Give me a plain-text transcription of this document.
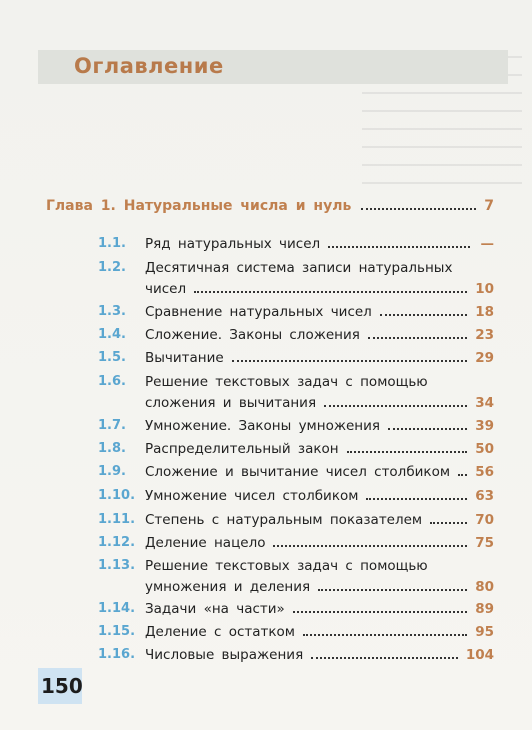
Оглавление
Глава 1. Натуральные числа и нуль	7
1.1. Ряд натуральных чисел	—
1.2. Десятичная система записи натуральных
чисел	10
1.3. Сравнение натуральных чисел	18
1.4. Сложение. Законы сложения	23
1.5. Вычитание	29
1.6. Решение текстовых задач с помощью
сложения и вычитания	34
1.7. Умножение. Законы умножения	39
1.8. Распределительный закон	50
1.9. Сложение и вычитание чисел столбиком 56
1.10. Умножение чисел столбиком	63
1.11. Степень с натуральным показателем	70
1.12. Деление нацело	75
1.13. Решение текстовых задач с помощью
умножения и деления	80
1.14. Задачи «на части»	89
1.15. Деление с остатком	95
1.16. Числовые выражения	104
150
